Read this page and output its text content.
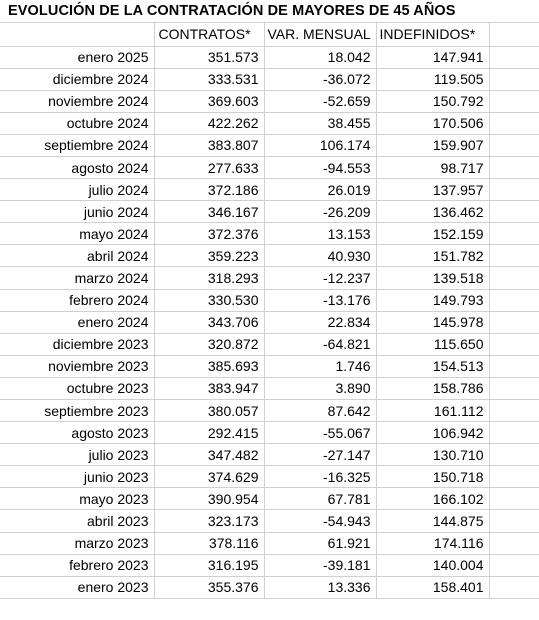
EVOLUCIÓN DE LA CONTRATACIÓN DE MAYORES DE 45 AÑOS
	CONTRATOS*	VAR. MENSUAL	INDEFINIDOS*	
enero 2025	351.573	18.042	147.941	
diciembre 2024	333.531	-36.072	119.505	
noviembre 2024	369.603	-52.659	150.792	
octubre 2024	422.262	38.455	170.506	
septiembre 2024	383.807	106.174	159.907	
agosto 2024	277.633	-94.553	98.717	
julio 2024	372.186	26.019	137.957	
junio 2024	346.167	-26.209	136.462	
mayo 2024	372.376	13.153	152.159	
abril 2024	359.223	40.930	151.782	
marzo 2024	318.293	-12.237	139.518	
febrero 2024	330.530	-13.176	149.793	
enero 2024	343.706	22.834	145.978	
diciembre 2023	320.872	-64.821	115.650	
noviembre 2023	385.693	1.746	154.513	
octubre 2023	383.947	3.890	158.786	
septiembre 2023	380.057	87.642	161.112	
agosto 2023	292.415	-55.067	106.942	
julio 2023	347.482	-27.147	130.710	
junio 2023	374.629	-16.325	150.718	
mayo 2023	390.954	67.781	166.102	
abril 2023	323.173	-54.943	144.875	
marzo 2023	378.116	61.921	174.116	
febrero 2023	316.195	-39.181	140.004	
enero 2023	355.376	13.336	158.401	
